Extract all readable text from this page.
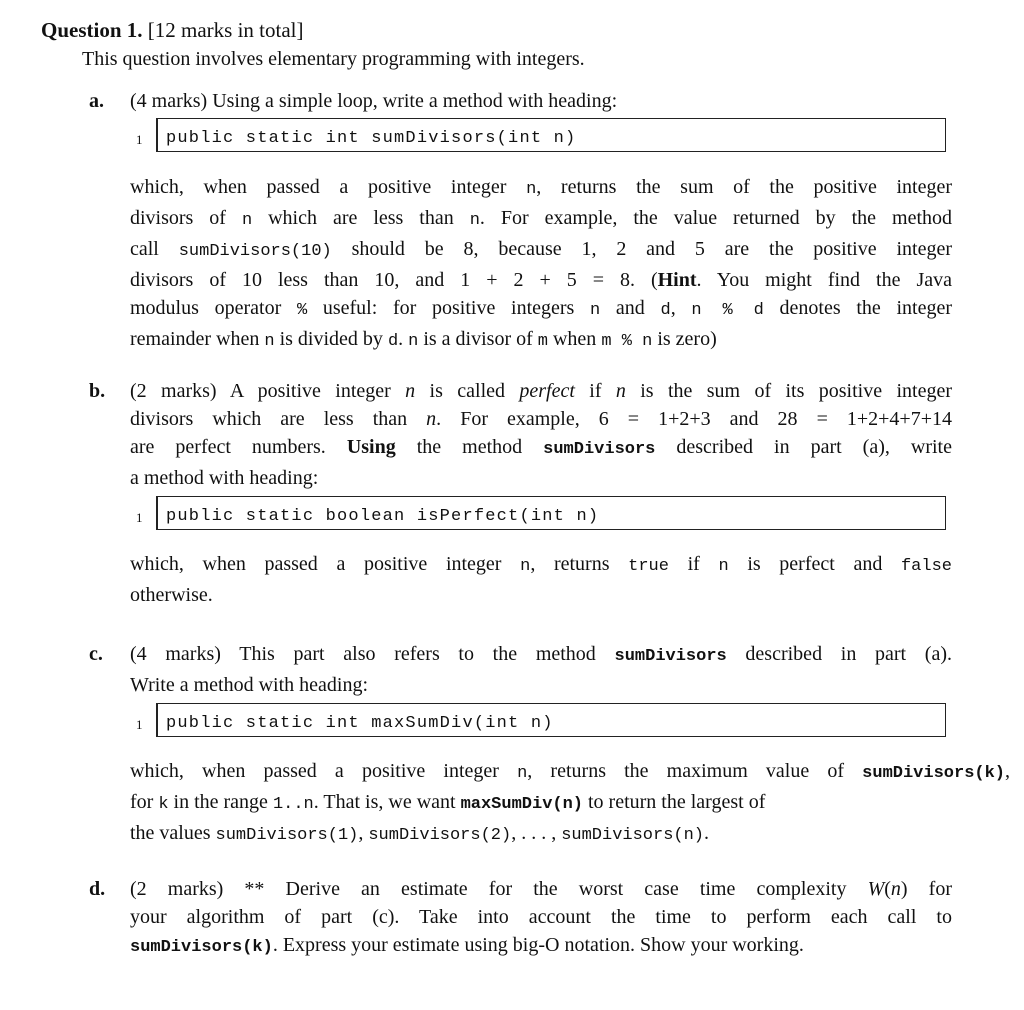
Question 1. [12 marks in total]
This question involves elementary programming with integers.
a. (4 marks) Using a simple loop, write a method with heading:
1	public static int sumDivisors(int n)
which, when passed a positive integer n, returns the sum of the positive integer
divisors of n which are less than n. For example, the value returned by the method
call sumDivisors(10) should be 8, because 1, 2 and 5 are the positive integer
divisors of 10 less than 10, and 1 + 2 + 5 = 8. (Hint. You might find the Java
modulus operator % useful: for positive integers n and d, n % d denotes the integer
remainder when n is divided by d. n is a divisor of m when m % n is zero)
b. (2 marks) A positive integer n is called perfect if n is the sum of its positive integer
divisors which are less than n. For example, 6 = 1+2+3 and 28 = 1+2+4+7+14
are perfect numbers. Using the method sumDivisors described in part (a), write
a method with heading:
1	public static boolean isPerfect(int n)
which, when passed a positive integer n, returns true if n is perfect and false
otherwise.
c. (4 marks) This part also refers to the method sumDivisors described in part (a).
Write a method with heading:
1	public static int maxSumDiv(int n)
which, when passed a positive integer n, returns the maximum value of sumDivisors(k),
for k in the range 1..n. That is, we want maxSumDiv(n) to return the largest of
the values sumDivisors(1), sumDivisors(2), . . . , sumDivisors(n).
d. (2 marks) ** Derive an estimate for the worst case time complexity W(n) for
your algorithm of part (c). Take into account the time to perform each call to
sumDivisors(k). Express your estimate using big-O notation. Show your working.
